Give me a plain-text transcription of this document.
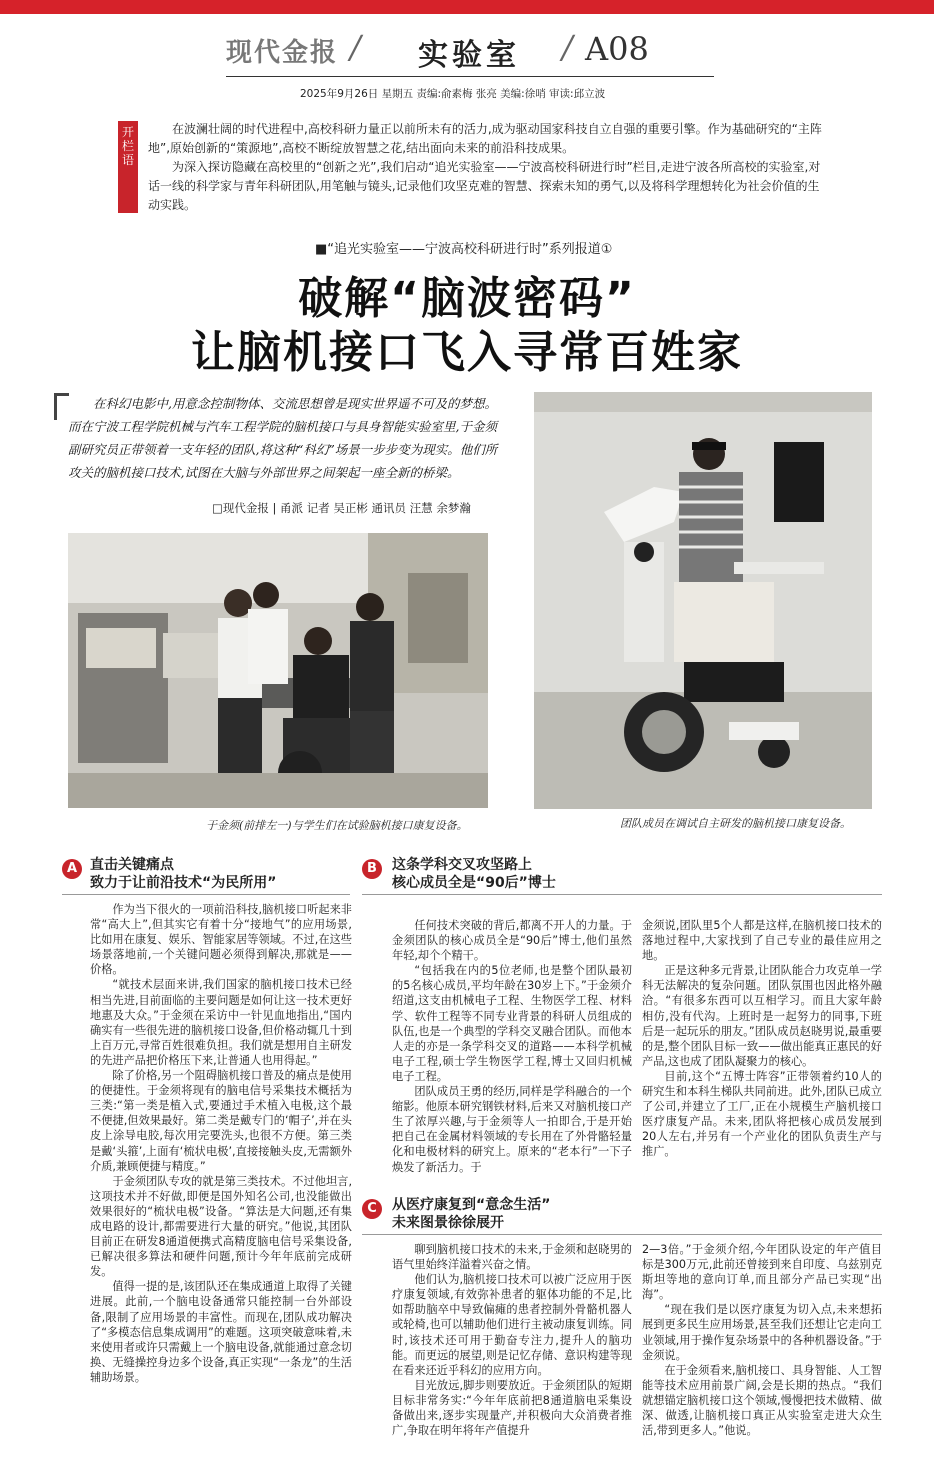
现代金报 / 实验室 / A08
2025年9月26日 星期五 责编:俞素梅 张亮 美编:徐哨 审读:邱立波
开栏语

在波澜壮阔的时代进程中,高校科研力量正以前所未有的活力,成为驱动国家科技自立自强的重要引擎。作为基础研究的“主阵地”,原始创新的“策源地”,高校不断绽放智慧之花,结出面向未来的前沿科技成果。

为深入探访隐藏在高校里的“创新之光”,我们启动“追光实验室——宁波高校科研进行时”栏目,走进宁波各所高校的实验室,对话一线的科学家与青年科研团队,用笔触与镜头,记录他们攻坚克难的智慧、探索未知的勇气,以及将科学理想转化为社会价值的生动实践。

■“追光实验室——宁波高校科研进行时”系列报道①
破解“脑波密码”
让脑机接口飞入寻常百姓家
在科幻电影中,用意念控制物体、交流思想曾是现实世界遥不可及的梦想。而在宁波工程学院机械与汽车工程学院的脑机接口与具身智能实验室里,于金须副研究员正带领着一支年轻的团队,将这种“科幻”场景一步步变为现实。他们所攻关的脑机接口技术,试图在大脑与外部世界之间架起一座全新的桥梁。
□现代金报 | 甬派 记者 吴正彬 通讯员 汪慧 余梦瀚
于金须(前排左一)与学生们在试验脑机接口康复设备。	团队成员在调试自主研发的脑机接口康复设备。
A 直击关键痛点
致力于让前沿技术“为民所用”

作为当下很火的一项前沿科技,脑机接口听起来非常“高大上”,但其实它有着十分“接地气”的应用场景,比如用在康复、娱乐、智能家居等领域。不过,在这些场景落地前,一个关键问题必须得到解决,那就是——价格。

“就技术层面来讲,我们国家的脑机接口技术已经相当先进,目前面临的主要问题是如何让这一技术更好地惠及大众。”于金须在采访中一针见血地指出,“国内确实有一些很先进的脑机接口设备,但价格动辄几十到上百万元,寻常百姓很难负担。我们就是想用自主研发的先进产品把价格压下来,让普通人也用得起。”

除了价格,另一个阻碍脑机接口普及的痛点是使用的便捷性。于金须将现有的脑电信号采集技术概括为三类:“第一类是植入式,要通过手术植入电极,这个最不便捷,但效果最好。第二类是戴专门的‘帽子’,并在头皮上涂导电胶,每次用完要洗头,也很不方便。第三类是戴‘头箍’,上面有‘梳状电极’,直接接触头皮,无需额外介质,兼顾便捷与精度。”

于金须团队专攻的就是第三类技术。不过他坦言,这项技术并不好做,即便是国外知名公司,也没能做出效果很好的“梳状电极”设备。“算法是大问题,还有集成电路的设计,都需要进行大量的研究。”他说,其团队目前正在研发8通道便携式高精度脑电信号采集设备,已解决很多算法和硬件问题,预计今年年底前完成研发。

值得一提的是,该团队还在集成通道上取得了关键进展。此前,一个脑电设备通常只能控制一台外部设备,限制了应用场景的丰富性。而现在,团队成功解决了“多模态信息集成调用”的难题。这项突破意味着,未来使用者或许只需戴上一个脑电设备,就能通过意念切换、无缝操控身边多个设备,真正实现“一条龙”的生活辅助场景。

B	这条学科交叉攻坚路上
核心成员全是“90后”博士

任何技术突破的背后,都离不开人的力量。于金须团队的核心成员全是“90后”博士,他们虽然年轻,却个个精干。

“包括我在内的5位老师,也是整个团队最初的5名核心成员,平均年龄在30岁上下。”于金须介绍道,这支由机械电子工程、生物医学工程、材料学、软件工程等不同专业背景的科研人员组成的队伍,也是一个典型的学科交叉融合团队。而他本人走的亦是一条学科交叉的道路——本科学机械电子工程,硕士学生物医学工程,博士又回归机械电子工程。

团队成员王勇的经历,同样是学科融合的一个缩影。他原本研究钢铁材料,后来又对脑机接口产生了浓厚兴趣,与于金须等人一拍即合,于是开始把自己在金属材料领域的专长用在了外骨骼轻量化和电极材料的研究上。原来的“老本行”一下子焕发了新活力。于

金须说,团队里5个人都是这样,在脑机接口技术的落地过程中,大家找到了自己专业的最佳应用之地。

正是这种多元背景,让团队能合力攻克单一学科无法解决的复杂问题。团队氛围也因此格外融洽。“有很多东西可以互相学习。而且大家年龄相仿,没有代沟。上班时是一起努力的同事,下班后是一起玩乐的朋友。”团队成员赵晓男说,最重要的是,整个团队目标一致——做出能真正惠民的好产品,这也成了团队凝聚力的核心。

目前,这个“五博士阵容”正带领着约10人的研究生和本科生梯队共同前进。此外,团队已成立了公司,并建立了工厂,正在小规模生产脑机接口医疗康复产品。未来,团队将把核心成员发展到20人左右,并另有一个产业化的团队负责生产与推广。

C	从医疗康复到“意念生活”
未来图景徐徐展开

聊到脑机接口技术的未来,于金须和赵晓男的语气里始终洋溢着兴奋之情。

他们认为,脑机接口技术可以被广泛应用于医疗康复领域,有效弥补患者的躯体功能的不足,比如帮助脑卒中导致偏瘫的患者控制外骨骼机器人或轮椅,也可以辅助他们进行主被动康复训练。同时,该技术还可用于勤奋专注力,提升人的脑功能。而更远的展望,则是记忆存储、意识构建等现在看来还近乎科幻的应用方向。

目光放远,脚步则要放近。于金须团队的短期目标非常务实:“今年年底前把8通道脑电采集设备做出来,逐步实现量产,并积极向大众消费者推广,争取在明年将年产值提升

2—3倍。”于金须介绍,今年团队设定的年产值目标是300万元,此前还曾接到来自印度、乌兹别克斯坦等地的意向订单,而且部分产品已实现“出海”。

“现在我们是以医疗康复为切入点,未来想拓展到更多民生应用场景,甚至我们还想让它走向工业领域,用于操作复杂场景中的各种机器设备。”于金须说。

在于金须看来,脑机接口、具身智能、人工智能等技术应用前景广阔,会是长期的热点。“我们就想锚定脑机接口这个领域,慢慢把技术做精、做深、做透,让脑机接口真正从实验室走进大众生活,带到更多人。”他说。
